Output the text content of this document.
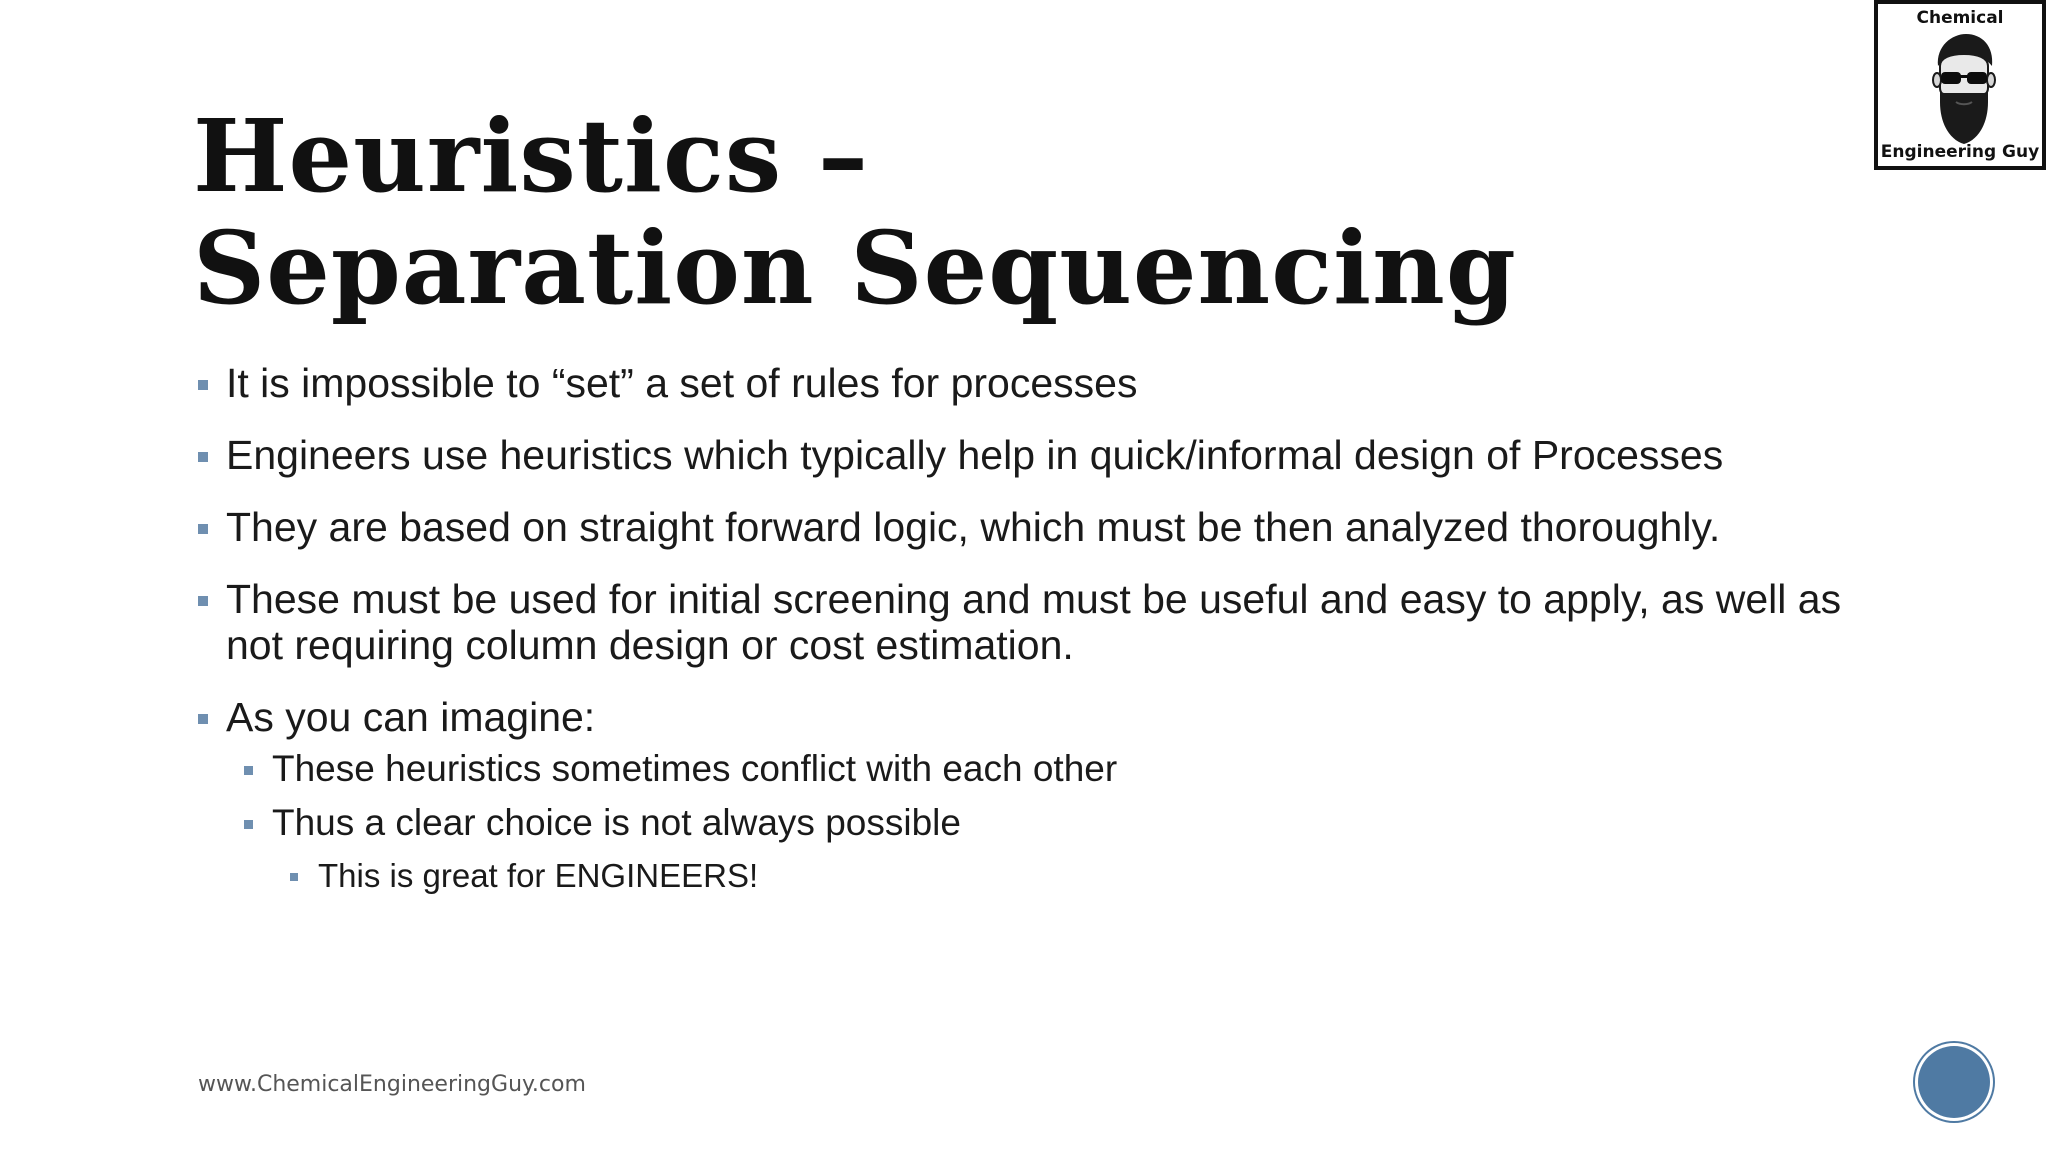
Heuristics –
Separation Sequencing
It is impossible to “set” a set of rules for processes
Engineers use heuristics which typically help in quick/informal design of Processes
They are based on straight forward logic, which must be then analyzed thoroughly.
These must be used for initial screening and must be useful and easy to apply, as well as not requiring column design or cost estimation.
As you can imagine:
These heuristics sometimes conflict with each other
Thus a clear choice is not always possible
This is great for ENGINEERS!
Chemical
Engineering Guy
www.ChemicalEngineeringGuy.com
